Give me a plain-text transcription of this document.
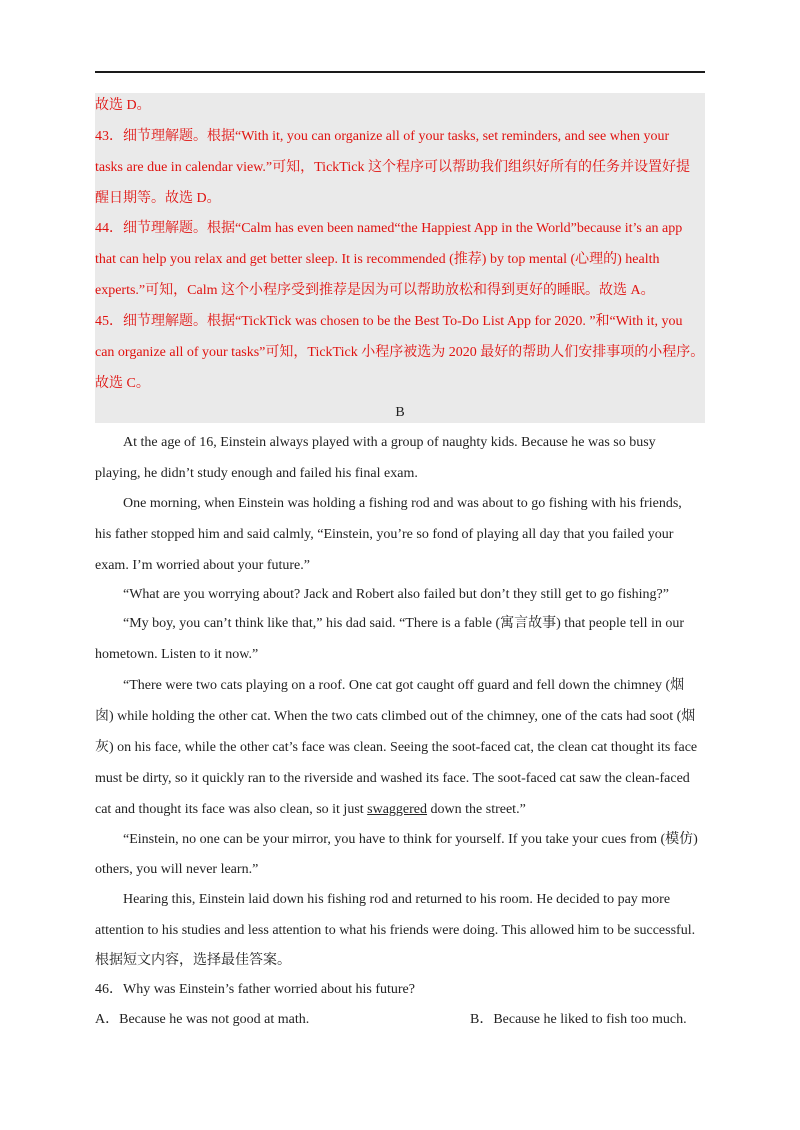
故选 D。
43．细节理解题。根据“With it, you can organize all of your tasks, set reminders, and see when your
tasks are due in calendar view.”可知，TickTick 这个程序可以帮助我们组织好所有的任务并设置好提
醒日期等。故选 D。
44．细节理解题。根据“Calm has even been named“the Happiest App in the World”because it’s an app
that can help you relax and get better sleep. It is recommended (推荐) by top mental (心理的) health
experts.”可知，Calm 这个小程序受到推荐是因为可以帮助放松和得到更好的睡眠。故选 A。
45．细节理解题。根据“TickTick was chosen to be the Best To-Do List App for 2020. ”和“With it, you
can organize all of your tasks”可知，TickTick 小程序被选为 2020 最好的帮助人们安排事项的小程序。
故选 C。
B
At the age of 16, Einstein always played with a group of naughty kids. Because he was so busy
playing, he didn’t study enough and failed his final exam.
One morning, when Einstein was holding a fishing rod and was about to go fishing with his friends,
his father stopped him and said calmly, “Einstein, you’re so fond of playing all day that you failed your
exam. I’m worried about your future.”
“What are you worrying about? Jack and Robert also failed but don’t they still get to go fishing?”
“My boy, you can’t think like that,” his dad said. “There is a fable (寓言故事) that people tell in our
hometown. Listen to it now.”
“There were two cats playing on a roof. One cat got caught off guard and fell down the chimney (烟
囱) while holding the other cat. When the two cats climbed out of the chimney, one of the cats had soot (烟
灰) on his face, while the other cat’s face was clean. Seeing the soot-faced cat, the clean cat thought its face
must be dirty, so it quickly ran to the riverside and washed its face. The soot-faced cat saw the clean-faced
cat and thought its face was also clean, so it just swaggered down the street.”
“Einstein, no one can be your mirror, you have to think for yourself. If you take your cues from (模仿)
others, you will never learn.”
Hearing this, Einstein laid down his fishing rod and returned to his room. He decided to pay more
attention to his studies and less attention to what his friends were doing. This allowed him to be successful.
根据短文内容，选择最佳答案。
46．Why was Einstein’s father worried about his future?
A．Because he was not good at math.	B．Because he liked to fish too much.
